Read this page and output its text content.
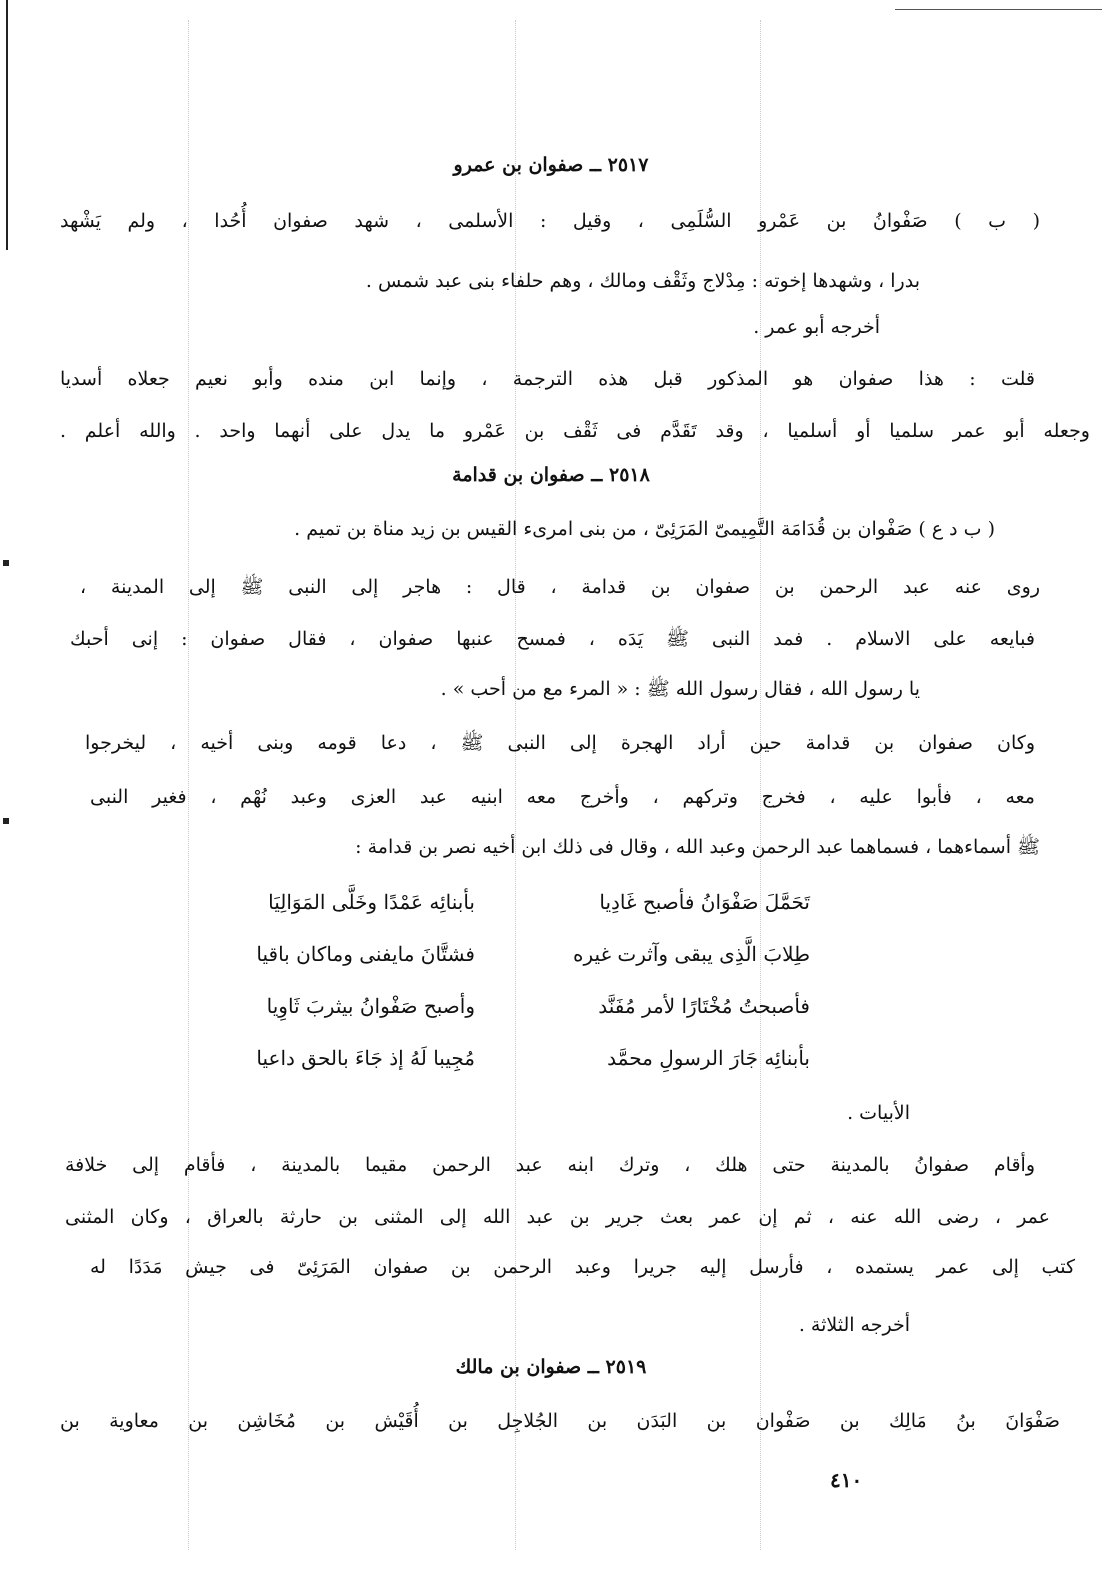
٢٥١٧ ــ صفوان بن عمرو
( ب ) صَفْوانُ بن عَمْرو السُّلَمِى ، وقيل : الأسلمى ، شهد صفوان أُحُدا ، ولم يَشْهد
بدرا ، وشهدها إخوته : مِدْلاج وثَقْف ومالك ، وهم حلفاء بنى عبد شمس .
أخرجه أبو عمر .
قلت : هذا صفوان هو المذكور قبل هذه الترجمة ، وإنما ابن منده وأبو نعيم جعلاه أسديا
وجعله أبو عمر سلميا أو أسلميا ، وقد تَقَدَّم فى ثَقْف بن عَمْرو ما يدل على أنهما واحد . والله أعلم .
٢٥١٨ ــ صفوان بن قدامة
( ب د ع ) صَفْوان بن قُدَامَة التَّمِيمىّ المَرَئِىّ ، من بنى امرىء القيس بن زيد مناة بن تميم .
روى عنه عبد الرحمن بن صفوان بن قدامة ، قال : هاجر إلى النبى ﷺ إلى المدينة ،
فبايعه على الاسلام . فمد النبى ﷺ يَدَه ، فمسح عنبها صفوان ، فقال صفوان : إنى أحبك
يا رسول الله ، فقال رسول الله ﷺ : « المرء مع من أحب » .
وكان صفوان بن قدامة حين أراد الهجرة إلى النبى ﷺ ، دعا قومه وبنى أخيه ، ليخرجوا
معه ، فأبوا عليه ، فخرج وتركهم ، وأخرج معه ابنيه عبد العزى وعبد نُهْم ، فغير النبى
ﷺ أسماءهما ، فسماهما عبد الرحمن وعبد الله ، وقال فى ذلك ابن أخيه نصر بن قدامة :
تَحَمَّلَ صَفْوَانُ فأصبح غَادِيا
بأبنائِه عَمْدًا وخَلَّى المَوَالِيَا
طِلابَ الَّذِى يبقى وآثرت غيره
فشتَّانَ مايفنى وماكان باقيا
فأصبحتُ مُخْتَارًا لأمر مُفَنَّد
وأصبح صَفْوانُ بيثربَ ثَاوِيا
بأبنائِه جَارَ الرسولِ محمَّد
مُجِيبا لَهُ إذ جَاءَ بالحق داعيا
الأبيات .
وأقام صفوانُ بالمدينة حتى هلك ، وترك ابنه عبد الرحمن مقيما بالمدينة ، فأقام إلى خلافة
عمر ، رضى الله عنه ، ثم إن عمر بعث جرير بن عبد الله إلى المثنى بن حارثة بالعراق ، وكان المثنى
كتب إلى عمر يستمده ، فأرسل إليه جريرا وعبد الرحمن بن صفوان المَرَئِىّ فى جيش مَدَدًا له
أخرجه الثلاثة .
٢٥١٩ ــ صفوان بن مالك
صَفْوَانَ بنُ مَالِك بن صَفْوان بن البَدَن بن الجُلاجِل بن أُقَيْش بن مُخَاشِن بن معاوية بن
٤١٠
